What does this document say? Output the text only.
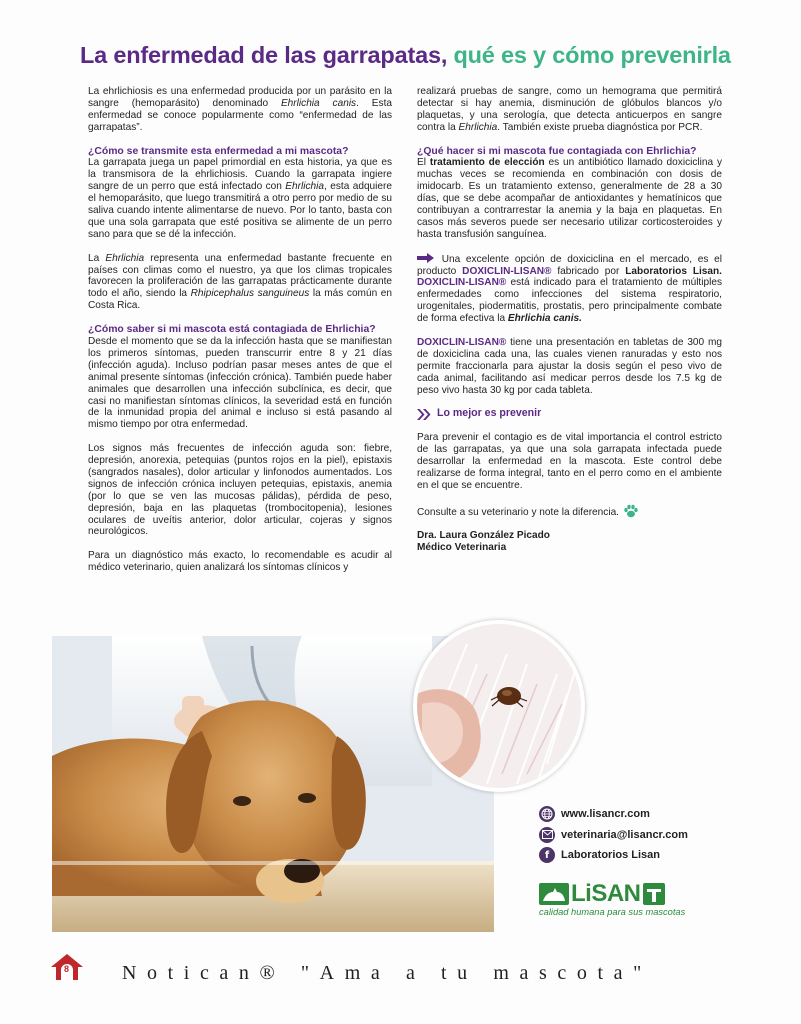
La enfermedad de las garrapatas, qué es y cómo prevenirla

La ehrlichiosis es una enfermedad producida por un parásito en la sangre (hemoparásito) denominado Ehrlichia canis. Esta enfermedad se conoce popularmente como “enfermedad de las garrapatas”.

¿Cómo se transmite esta enfermedad a mi mascota?

La garrapata juega un papel primordial en esta historia, ya que es la transmisora de la ehrlichiosis. Cuando la garrapata ingiere sangre de un perro que está infectado con Ehrlichia, esta adquiere el hemoparásito, que luego transmitirá a otro perro por medio de su saliva cuando intente alimentarse de nuevo. Por lo tanto, basta con que una sola garrapata que esté positiva se alimente de un perro sano para que se dé la infección.

La Ehrlichia representa una enfermedad bastante frecuente en países con climas como el nuestro, ya que los climas tropicales favorecen la proliferación de las garrapatas prácticamente durante todo el año, siendo la Rhipicephalus sanguineus la más común en Costa Rica.

¿Cómo saber si mi mascota está contagiada de Ehrlichia?

Desde el momento que se da la infección hasta que se manifiestan los primeros síntomas, pueden transcurrir entre 8 y 21 días (infección aguda). Incluso podrían pasar meses antes de que el animal presente síntomas (infección crónica). También puede haber animales que desarrollen una infección subclínica, es decir, que casi no manifiestan síntomas clínicos, la severidad está en función de la inmunidad propia del animal e incluso si está pasando al mismo tiempo por otra enfermedad.

Los signos más frecuentes de infección aguda son: fiebre, depresión, anorexia, petequias (puntos rojos en la piel), epistaxis (sangrados nasales), dolor articular y linfonodos aumentados. Los signos de infección crónica incluyen petequias, epistaxis, anemia (por lo que se ven las mucosas pálidas), pérdida de peso, depresión, baja en las plaquetas (trombocitopenia), lesiones oculares de uveítis anterior, dolor articular, cojeras y signos neurológicos.

Para un diagnóstico más exacto, lo recomendable es acudir al médico veterinario, quien analizará los síntomas clínicos y

realizará pruebas de sangre, como un hemograma que permitirá detectar si hay anemia, disminución de glóbulos blancos y/o plaquetas, y una serología, que detecta anticuerpos en sangre contra la Ehrlichia. También existe prueba diagnóstica por PCR.

¿Qué hacer si mi mascota fue contagiada con Ehrlichia?

El tratamiento de elección es un antibiótico llamado doxiciclina y muchas veces se recomienda en combinación con dosis de imidocarb. Es un tratamiento extenso, generalmente de 28 a 30 días, que se debe acompañar de antioxidantes y hematínicos que contribuyan a contrarrestar la anemia y la baja en plaquetas. En casos más severos puede ser necesario utilizar corticosteroides y hasta transfusión sanguínea.

Una excelente opción de doxiciclina en el mercado, es el producto DOXICLIN-LISAN® fabricado por Laboratorios Lisan. DOXICLIN-LISAN® está indicado para el tratamiento de múltiples enfermedades como infecciones del sistema respiratorio, urogenitales, piodermatitis, prostatis, pero principalmente combate de forma efectiva la Ehrlichia canis.

DOXICLIN-LISAN® tiene una presentación en tabletas de 300 mg de doxiciclina cada una, las cuales vienen ranuradas y esto nos permite fraccionarla para ajustar la dosis según el peso vivo de cada animal, facilitando así medicar perros desde los 7.5 kg de peso vivo hasta 30 kg por cada tableta.

Lo mejor es prevenir

Para prevenir el contagio es de vital importancia el control estricto de las garrapatas, ya que una sola garrapata infectada puede desarrollar la enfermedad en la mascota. Este control debe realizarse de forma integral, tanto en el perro como en el ambiente en el que se encuentre.

Consulte a su veterinario y note la diferencia.

Dra. Laura González Picado
Médico Veterinaria
www.lisancr.com
veterinaria@lisancr.com
f	Laboratorios Lisan
LiSAN
calidad humana para sus mascotas
8	Notican® "Ama a tu mascota"
